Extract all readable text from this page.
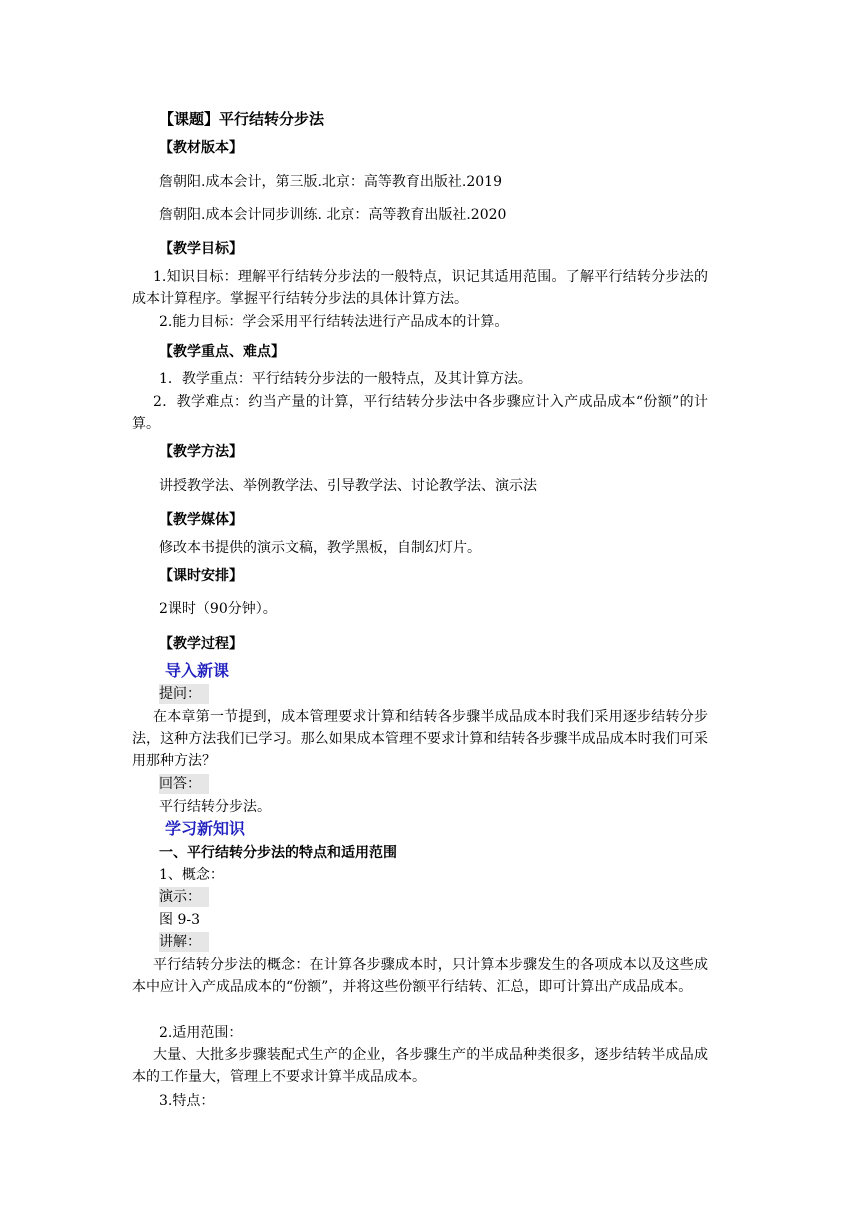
【课题】平行结转分步法
【教材版本】
詹朝阳.成本会计，第三版.北京：高等教育出版社.2019
詹朝阳.成本会计同步训练. 北京：高等教育出版社.2020
【教学目标】
1.知识目标：理解平行结转分步法的一般特点，识记其适用范围。了解平行结转分步法的成本计算程序。掌握平行结转分步法的具体计算方法。
2.能力目标：学会采用平行结转法进行产品成本的计算。
【教学重点、难点】
1．教学重点：平行结转分步法的一般特点，及其计算方法。
2．教学难点：约当产量的计算，平行结转分步法中各步骤应计入产成品成本“份额”的计算。
【教学方法】
讲授教学法、举例教学法、引导教学法、讨论教学法、演示法
【教学媒体】
修改本书提供的演示文稿，教学黑板，自制幻灯片。
【课时安排】
2课时（90分钟）。
【教学过程】
导入新课
提问：
在本章第一节提到，成本管理要求计算和结转各步骤半成品成本时我们采用逐步结转分步法，这种方法我们已学习。那么如果成本管理不要求计算和结转各步骤半成品成本时我们可采用那种方法？
回答：
平行结转分步法。
学习新知识
一、平行结转分步法的特点和适用范围
1、概念：
演示：
图 9-3
讲解：
平行结转分步法的概念：在计算各步骤成本时，只计算本步骤发生的各项成本以及这些成本中应计入产成品成本的“份额”，并将这些份额平行结转、汇总，即可计算出产成品成本。
2.适用范围：
大量、大批多步骤装配式生产的企业，各步骤生产的半成品种类很多，逐步结转半成品成本的工作量大，管理上不要求计算半成品成本。
3.特点：
